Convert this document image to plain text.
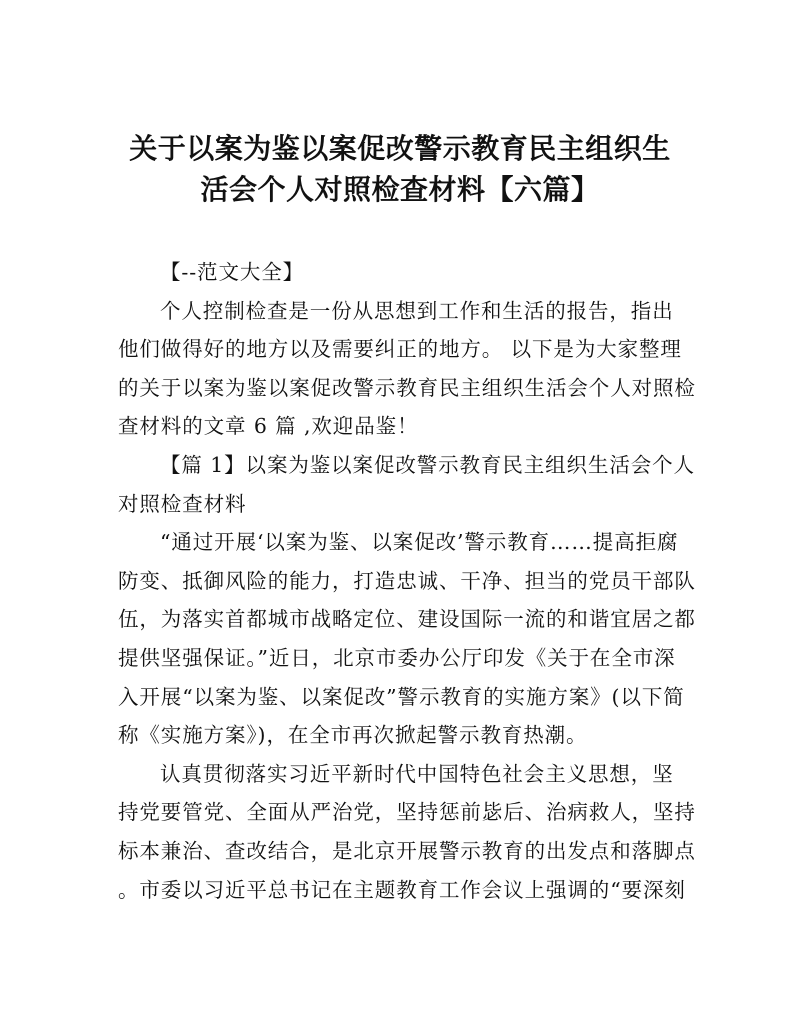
关于以案为鉴以案促改警示教育民主组织生
活会个人对照检查材料【六篇】
【--范文大全】
个人控制检查是一份从思想到工作和生活的报告，指出
他们做得好的地方以及需要纠正的地方。 以下是为大家整理
的关于以案为鉴以案促改警示教育民主组织生活会个人对照检
查材料的文章 6 篇 ,欢迎品鉴！
【篇 1】以案为鉴以案促改警示教育民主组织生活会个人
对照检查材料
“通过开展‘以案为鉴、以案促改’警示教育……提高拒腐
防变、抵御风险的能力，打造忠诚、干净、担当的党员干部队
伍，为落实首都城市战略定位、建设国际一流的和谐宜居之都
提供坚强保证。”近日，北京市委办公厅印发《关于在全市深
入开展“以案为鉴、以案促改”警示教育的实施方案》(以下简
称《实施方案》)，在全市再次掀起警示教育热潮。
认真贯彻落实习近平新时代中国特色社会主义思想，坚
持党要管党、全面从严治党，坚持惩前毖后、治病救人，坚持
标本兼治、查改结合，是北京开展警示教育的出发点和落脚点
。市委以习近平总书记在主题教育工作会议上强调的“要深刻
